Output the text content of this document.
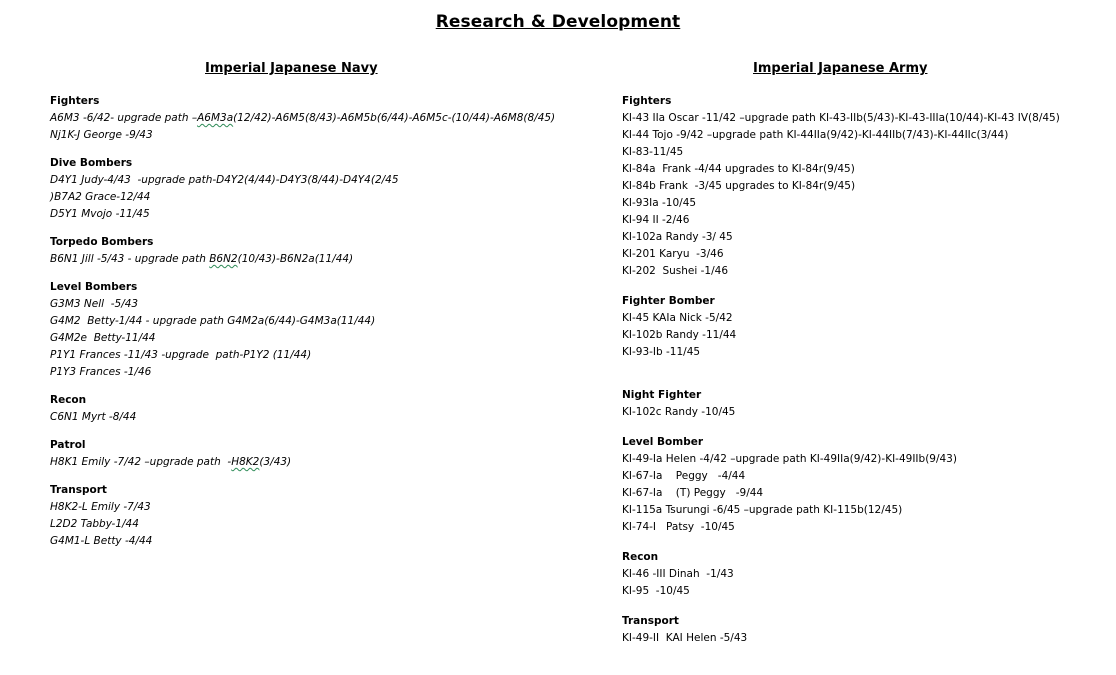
Research & Development
Imperial Japanese Navy	Imperial Japanese Army
Fighters
A6M3 -6/42- upgrade path –A6M3a(12/42)-A6M5(8/43)-A6M5b(6/44)-A6M5c-(10/44)-A6M8(8/45)
Nj1K-J George -9/43
Dive Bombers
D4Y1 Judy-4/43  -upgrade path-D4Y2(4/44)-D4Y3(8/44)-D4Y4(2/45
)B7A2 Grace-12/44
D5Y1 Mvojo -11/45
Torpedo Bombers
B6N1 Jill -5/43 - upgrade path B6N2(10/43)-B6N2a(11/44)
Level Bombers
G3M3 Nell  -5/43
G4M2  Betty-1/44 - upgrade path G4M2a(6/44)-G4M3a(11/44)
G4M2e  Betty-11/44
P1Y1 Frances -11/43 -upgrade  path-P1Y2 (11/44)
P1Y3 Frances -1/46
Recon
C6N1 Myrt -8/44
Patrol
H8K1 Emily -7/42 –upgrade path  -H8K2(3/43)
Transport
H8K2-L Emily -7/43
L2D2 Tabby-1/44
G4M1-L Betty -4/44
Fighters
KI-43 IIa Oscar -11/42 –upgrade path KI-43-IIb(5/43)-KI-43-IIIa(10/44)-KI-43 IV(8/45)
KI-44 Tojo -9/42 –upgrade path KI-44IIa(9/42)-KI-44IIb(7/43)-KI-44IIc(3/44)
KI-83-11/45
KI-84a  Frank -4/44 upgrades to KI-84r(9/45)
KI-84b Frank  -3/45 upgrades to KI-84r(9/45)
KI-93Ia -10/45
KI-94 II -2/46
KI-102a Randy -3/ 45
KI-201 Karyu  -3/46
KI-202  Sushei -1/46
Fighter Bomber
KI-45 KAIa Nick -5/42
KI-102b Randy -11/44
KI-93-Ib -11/45
Night Fighter
KI-102c Randy -10/45
Level Bomber
KI-49-Ia Helen -4/42 –upgrade path KI-49IIa(9/42)-KI-49IIb(9/43)
KI-67-Ia    Peggy   -4/44
KI-67-Ia    (T) Peggy   -9/44
KI-115a Tsurungi -6/45 –upgrade path KI-115b(12/45)
KI-74-I   Patsy  -10/45
Recon
KI-46 -III Dinah  -1/43
KI-95  -10/45
Transport
KI-49-II  KAI Helen -5/43
